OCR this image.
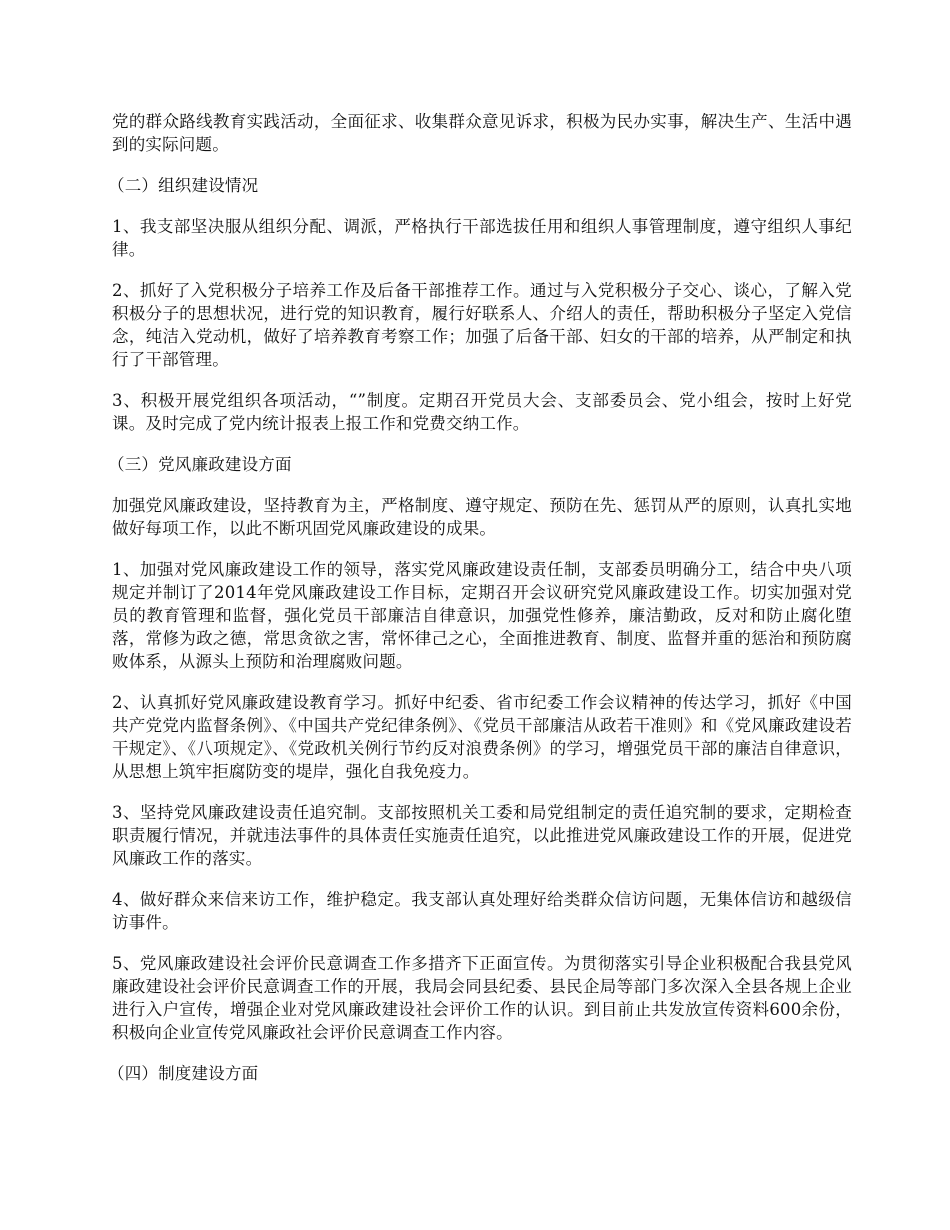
党的群众路线教育实践活动，全面征求、收集群众意见诉求，积极为民办实事，解决生产、生活中遇到的实际问题。

（二）组织建设情况

1、我支部坚决服从组织分配、调派，严格执行干部选拔任用和组织人事管理制度，遵守组织人事纪律。

2、抓好了入党积极分子培养工作及后备干部推荐工作。通过与入党积极分子交心、谈心，了解入党积极分子的思想状况，进行党的知识教育，履行好联系人、介绍人的责任，帮助积极分子坚定入党信念，纯洁入党动机，做好了培养教育考察工作；加强了后备干部、妇女的干部的培养，从严制定和执行了干部管理。

3、积极开展党组织各项活动，“”制度。定期召开党员大会、支部委员会、党小组会，按时上好党课。及时完成了党内统计报表上报工作和党费交纳工作。

（三）党风廉政建设方面

加强党风廉政建设，坚持教育为主，严格制度、遵守规定、预防在先、惩罚从严的原则，认真扎实地做好每项工作，以此不断巩固党风廉政建设的成果。

1、加强对党风廉政建设工作的领导，落实党风廉政建设责任制，支部委员明确分工，结合中央八项规定并制订了2014年党风廉政建设工作目标，定期召开会议研究党风廉政建设工作。切实加强对党员的教育管理和监督，强化党员干部廉洁自律意识，加强党性修养，廉洁勤政，反对和防止腐化堕落，常修为政之德，常思贪欲之害，常怀律己之心，全面推进教育、制度、监督并重的惩治和预防腐败体系，从源头上预防和治理腐败问题。

2、认真抓好党风廉政建设教育学习。抓好中纪委、省市纪委工作会议精神的传达学习，抓好《中国共产党党内监督条例》、《中国共产党纪律条例》、《党员干部廉洁从政若干准则》和《党风廉政建设若干规定》、《八项规定》、《党政机关例行节约反对浪费条例》的学习，增强党员干部的廉洁自律意识，从思想上筑牢拒腐防变的堤岸，强化自我免疫力。

3、坚持党风廉政建设责任追究制。支部按照机关工委和局党组制定的责任追究制的要求，定期检查职责履行情况，并就违法事件的具体责任实施责任追究，以此推进党风廉政建设工作的开展，促进党风廉政工作的落实。

4、做好群众来信来访工作，维护稳定。我支部认真处理好给类群众信访问题，无集体信访和越级信访事件。

5、党风廉政建设社会评价民意调查工作多措齐下正面宣传。为贯彻落实引导企业积极配合我县党风廉政建设社会评价民意调查工作的开展，我局会同县纪委、县民企局等部门多次深入全县各规上企业进行入户宣传，增强企业对党风廉政建设社会评价工作的认识。到目前止共发放宣传资料600余份，积极向企业宣传党风廉政社会评价民意调查工作内容。

（四）制度建设方面
